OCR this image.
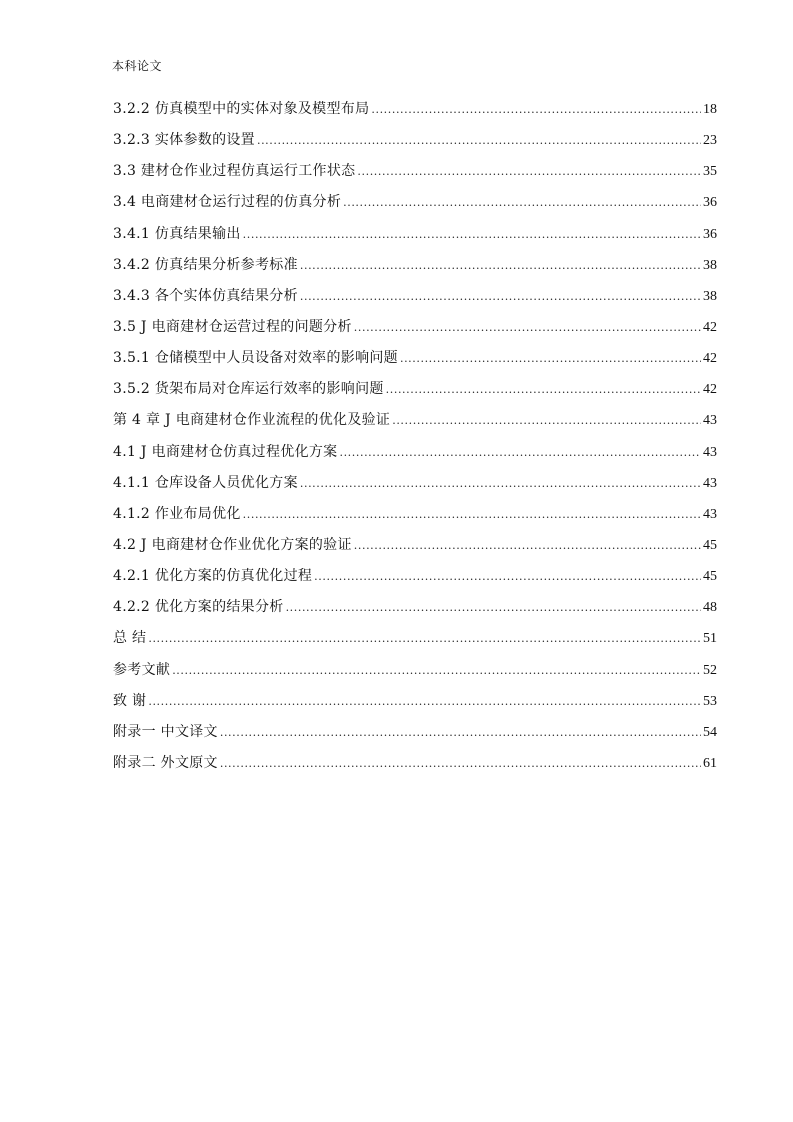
本科论文
3.2.2 仿真模型中的实体对象及模型布局 .....	18
3.2.3 实体参数的设置 .....	23
3.3 建材仓作业过程仿真运行工作状态 .....	35
3.4 电商建材仓运行过程的仿真分析 .....	36
3.4.1 仿真结果输出 .....	36
3.4.2 仿真结果分析参考标准 .....	38
3.4.3 各个实体仿真结果分析 .....	38
3.5 J 电商建材仓运营过程的问题分析 .....	42
3.5.1 仓储模型中人员设备对效率的影响问题 .....	42
3.5.2 货架布局对仓库运行效率的影响问题 .....	42
第 4 章 J 电商建材仓作业流程的优化及验证 .....	43
4.1 J 电商建材仓仿真过程优化方案 .....	43
4.1.1 仓库设备人员优化方案 .....	43
4.1.2 作业布局优化 .....	43
4.2 J 电商建材仓作业优化方案的验证 .....	45
4.2.1 优化方案的仿真优化过程 .....	45
4.2.2 优化方案的结果分析 .....	48
总 结 .....	51
参考文献 .....	52
致 谢 .....	53
附录一 中文译文 .....	54
附录二 外文原文 .....	61
